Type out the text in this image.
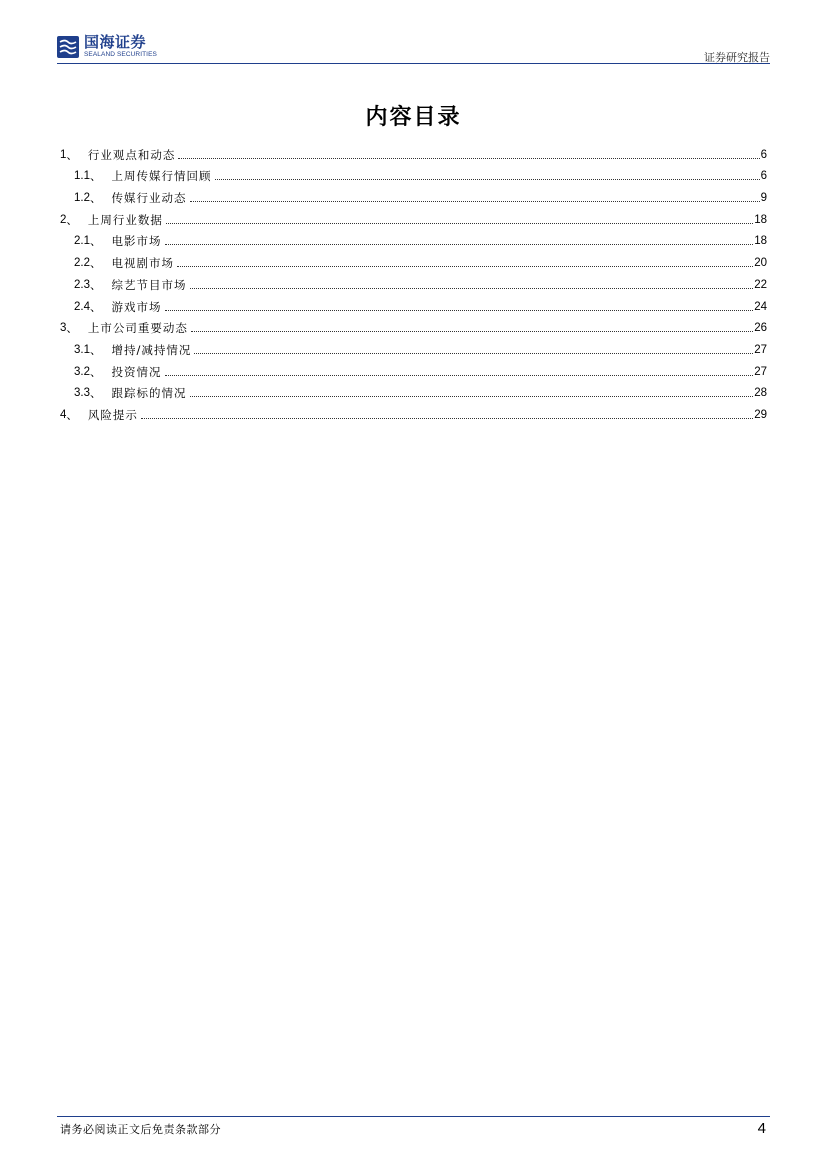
国海证券
SEALAND SECURITIES	证券研究报告
内容目录
1 、 行业观点和动态	6
1.1 、 上周传媒行情回顾	6
1.2 、 传媒行业动态	9
2 、 上周行业数据	18
2.1 、 电影市场	18
2.2 、 电视剧市场	20
2.3 、 综艺节目市场	22
2.4 、 游戏市场	24
3 、 上市公司重要动态	26
3.1 、 增持/减持情况	27
3.2 、 投资情况	27
3.3 、 跟踪标的情况	28
4 、 风险提示	29
请务必阅读正文后免责条款部分	4
